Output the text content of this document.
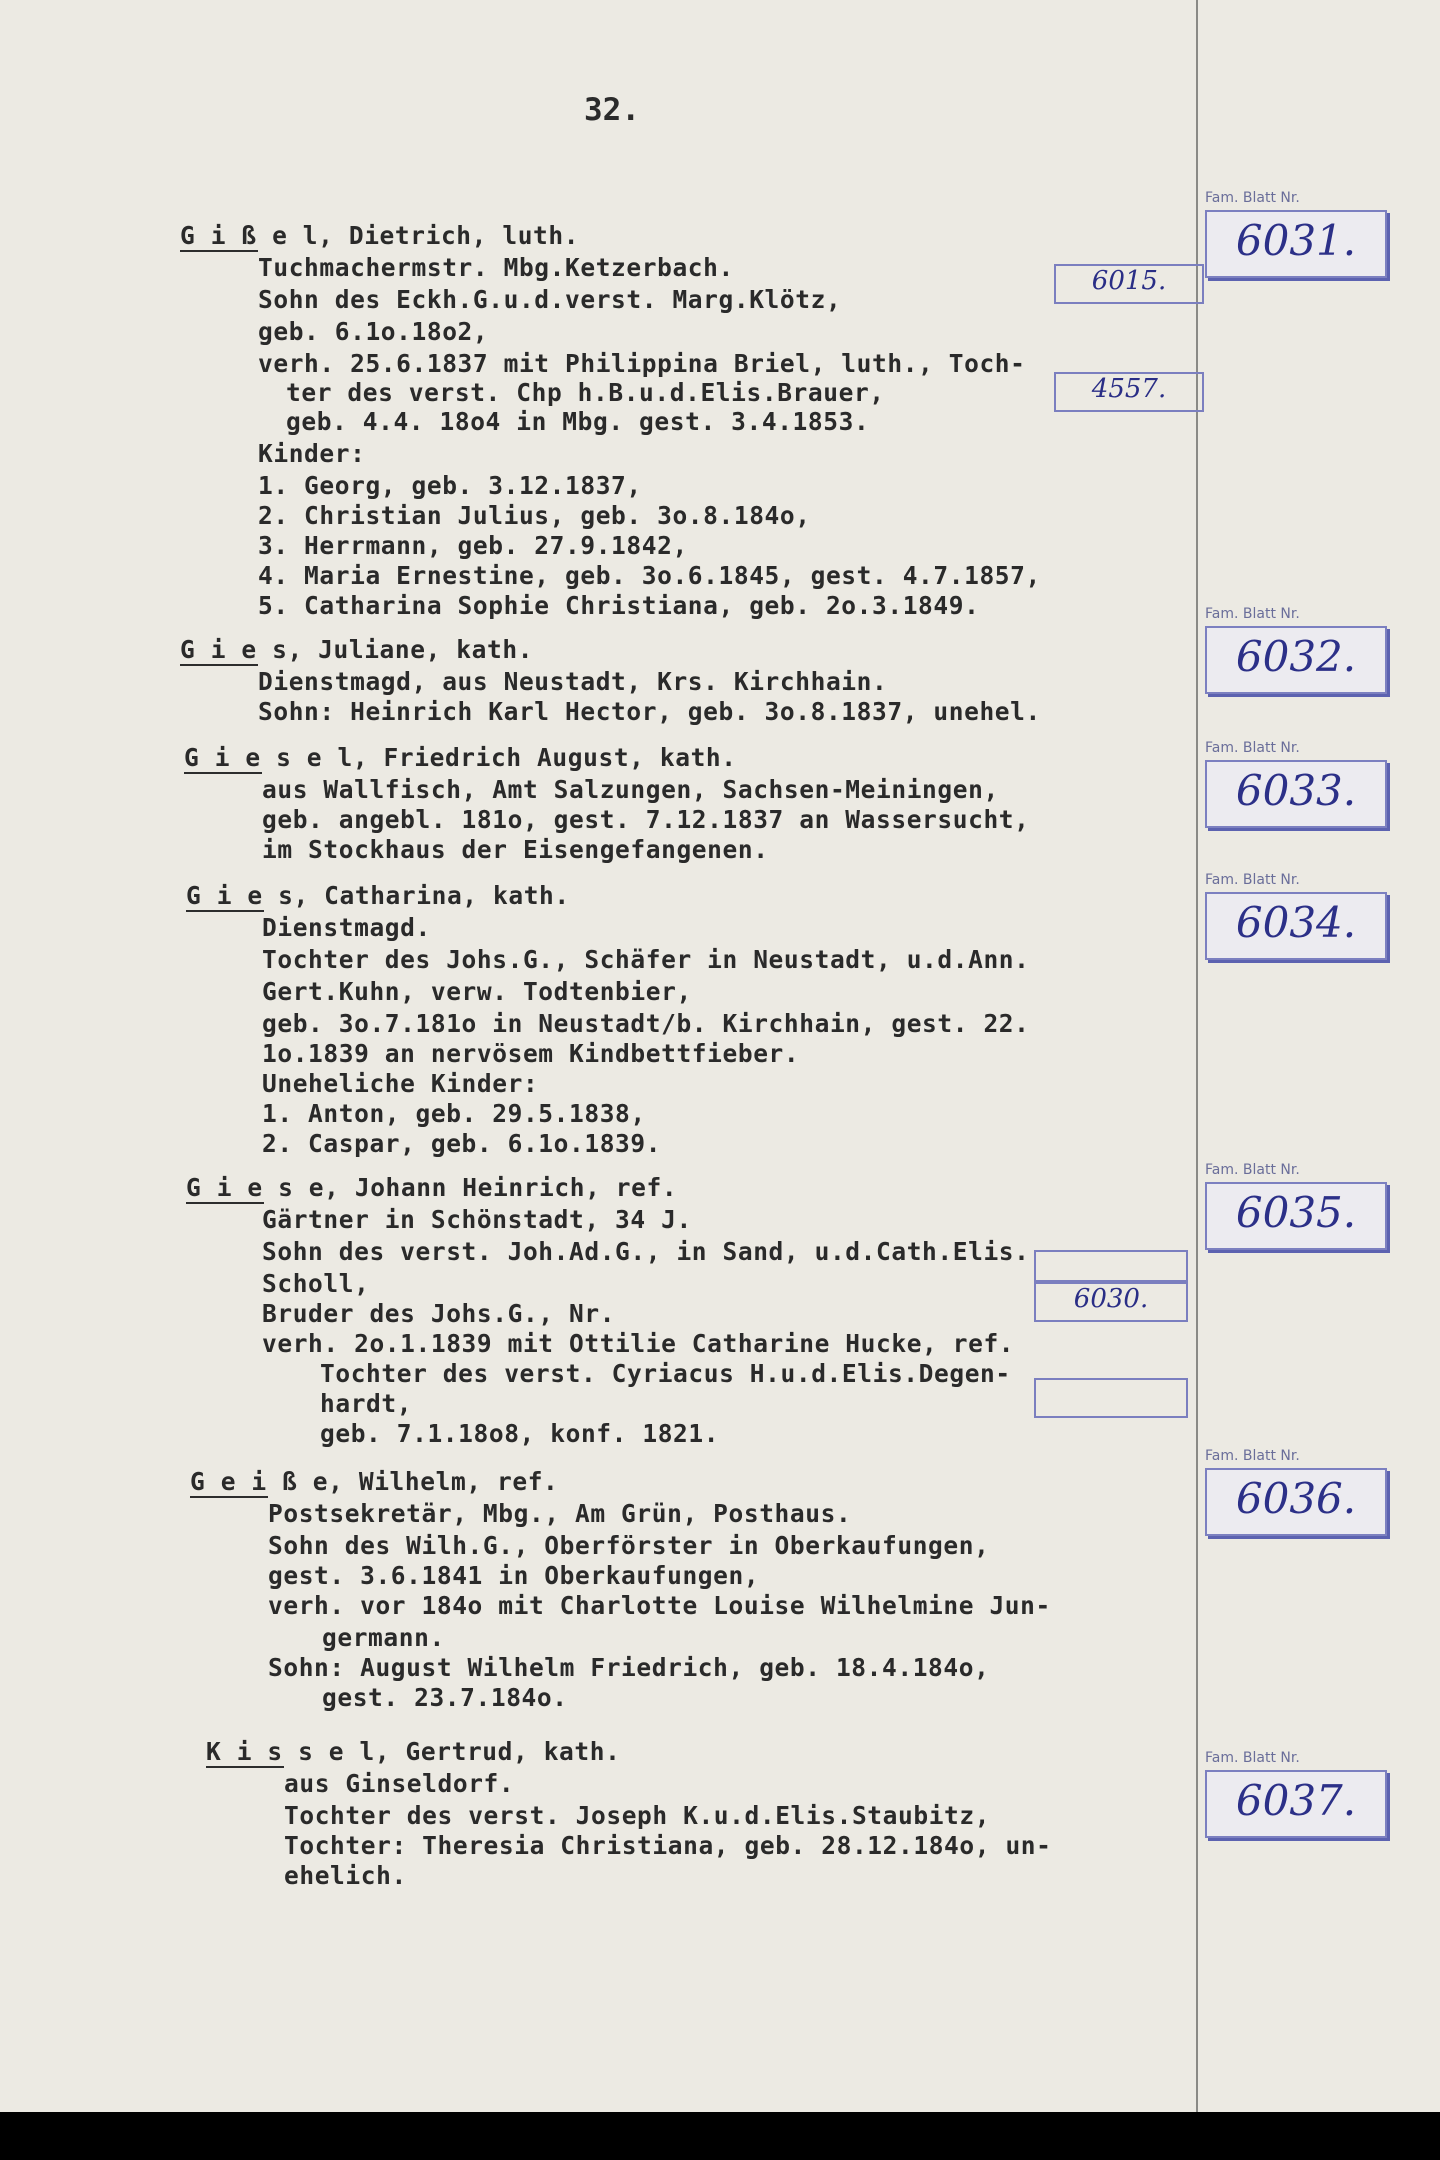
32.
G i ß e l, Dietrich, luth.
Tuchmachermstr. Mbg.Ketzerbach.
Sohn des Eckh.G.u.d.verst. Marg.Klötz,
geb. 6.1o.18o2,
verh. 25.6.1837 mit Philippina Briel, luth., Toch-
ter des verst. Chp h.B.u.d.Elis.Brauer,
geb. 4.4. 18o4 in Mbg. gest. 3.4.1853.
Kinder:
1. Georg, geb. 3.12.1837,
2. Christian Julius, geb. 3o.8.184o,
3. Herrmann, geb. 27.9.1842,
4. Maria Ernestine, geb. 3o.6.1845, gest. 4.7.1857,
5. Catharina Sophie Christiana, geb. 2o.3.1849.
6015.
4557.
Fam. Blatt Nr.
6031.
G i e s, Juliane, kath.
Dienstmagd, aus Neustadt, Krs. Kirchhain.
Sohn: Heinrich Karl Hector, geb. 3o.8.1837, unehel.
Fam. Blatt Nr.
6032.
G i e s e l, Friedrich August, kath.
aus Wallfisch, Amt Salzungen, Sachsen-Meiningen,
geb. angebl. 181o, gest. 7.12.1837 an Wassersucht,
im Stockhaus der Eisengefangenen.
Fam. Blatt Nr.
6033.
G i e s, Catharina, kath.
Dienstmagd.
Tochter des Johs.G., Schäfer in Neustadt, u.d.Ann.
Gert.Kuhn, verw. Todtenbier,
geb. 3o.7.181o in Neustadt/b. Kirchhain, gest. 22.
1o.1839 an nervösem Kindbettfieber.
Uneheliche Kinder:
1. Anton, geb. 29.5.1838,
2. Caspar, geb. 6.1o.1839.
Fam. Blatt Nr.
6034.
G i e s e, Johann Heinrich, ref.
Gärtner in Schönstadt, 34 J.
Sohn des verst. Joh.Ad.G., in Sand, u.d.Cath.Elis.
Scholl,
Bruder des Johs.G., Nr.
verh. 2o.1.1839 mit Ottilie Catharine Hucke, ref.
Tochter des verst. Cyriacus H.u.d.Elis.Degen-
hardt,
geb. 7.1.18o8, konf. 1821.
6030.
Fam. Blatt Nr.
6035.
G e i ß e, Wilhelm, ref.
Postsekretär, Mbg., Am Grün, Posthaus.
Sohn des Wilh.G., Oberförster in Oberkaufungen,
gest. 3.6.1841 in Oberkaufungen,
verh. vor 184o mit Charlotte Louise Wilhelmine Jun-
germann.
Sohn: August Wilhelm Friedrich, geb. 18.4.184o,
gest. 23.7.184o.
Fam. Blatt Nr.
6036.
K i s s e l, Gertrud, kath.
aus Ginseldorf.
Tochter des verst. Joseph K.u.d.Elis.Staubitz,
Tochter: Theresia Christiana, geb. 28.12.184o, un-
ehelich.
Fam. Blatt Nr.
6037.
